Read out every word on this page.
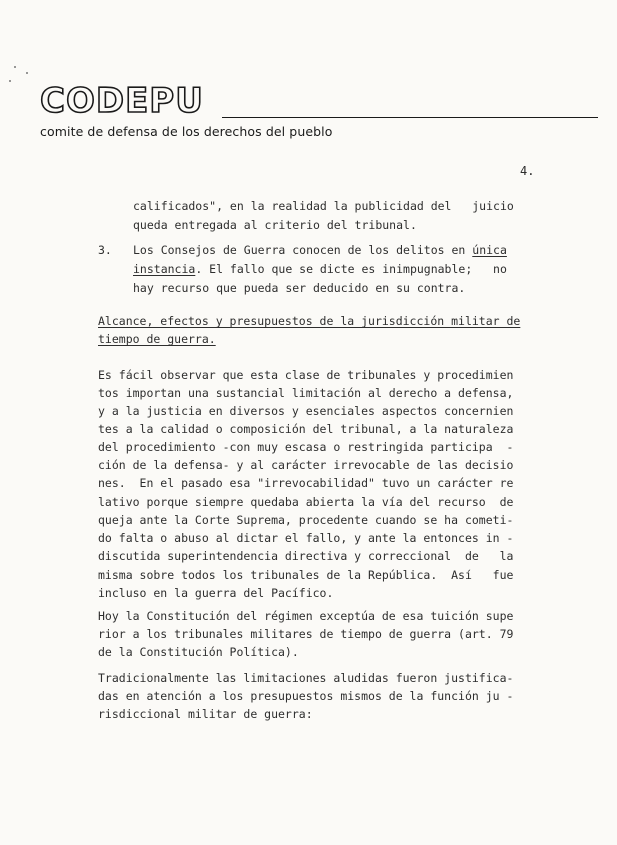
CODEPU
comite de defensa de los derechos del pueblo
4.
calificados", en la realidad la publicidad del   juicio
queda entregada al criterio del tribunal.
3. Los Consejos de Guerra conocen de los delitos en única
instancia. El fallo que se dicte es inimpugnable;   no
hay recurso que pueda ser deducido en su contra.
Alcance, efectos y presupuestos de la jurisdicción militar de
tiempo de guerra.
Es fácil observar que esta clase de tribunales y procedimien
tos importan una sustancial limitación al derecho a defensa,
y a la justicia en diversos y esenciales aspectos concernien
tes a la calidad o composición del tribunal, a la naturaleza
del procedimiento -con muy escasa o restringida participa  -
ción de la defensa- y al carácter irrevocable de las decisio
nes.  En el pasado esa "irrevocabilidad" tuvo un carácter re
lativo porque siempre quedaba abierta la vía del recurso  de
queja ante la Corte Suprema, procedente cuando se ha cometi-
do falta o abuso al dictar el fallo, y ante la entonces in -
discutida superintendencia directiva y correccional  de   la
misma sobre todos los tribunales de la República.  Así   fue
incluso en la guerra del Pacífico.
Hoy la Constitución del régimen exceptúa de esa tuición supe
rior a los tribunales militares de tiempo de guerra (art. 79
de la Constitución Política).
Tradicionalmente las limitaciones aludidas fueron justifica-
das en atención a los presupuestos mismos de la función ju -
risdiccional militar de guerra:
